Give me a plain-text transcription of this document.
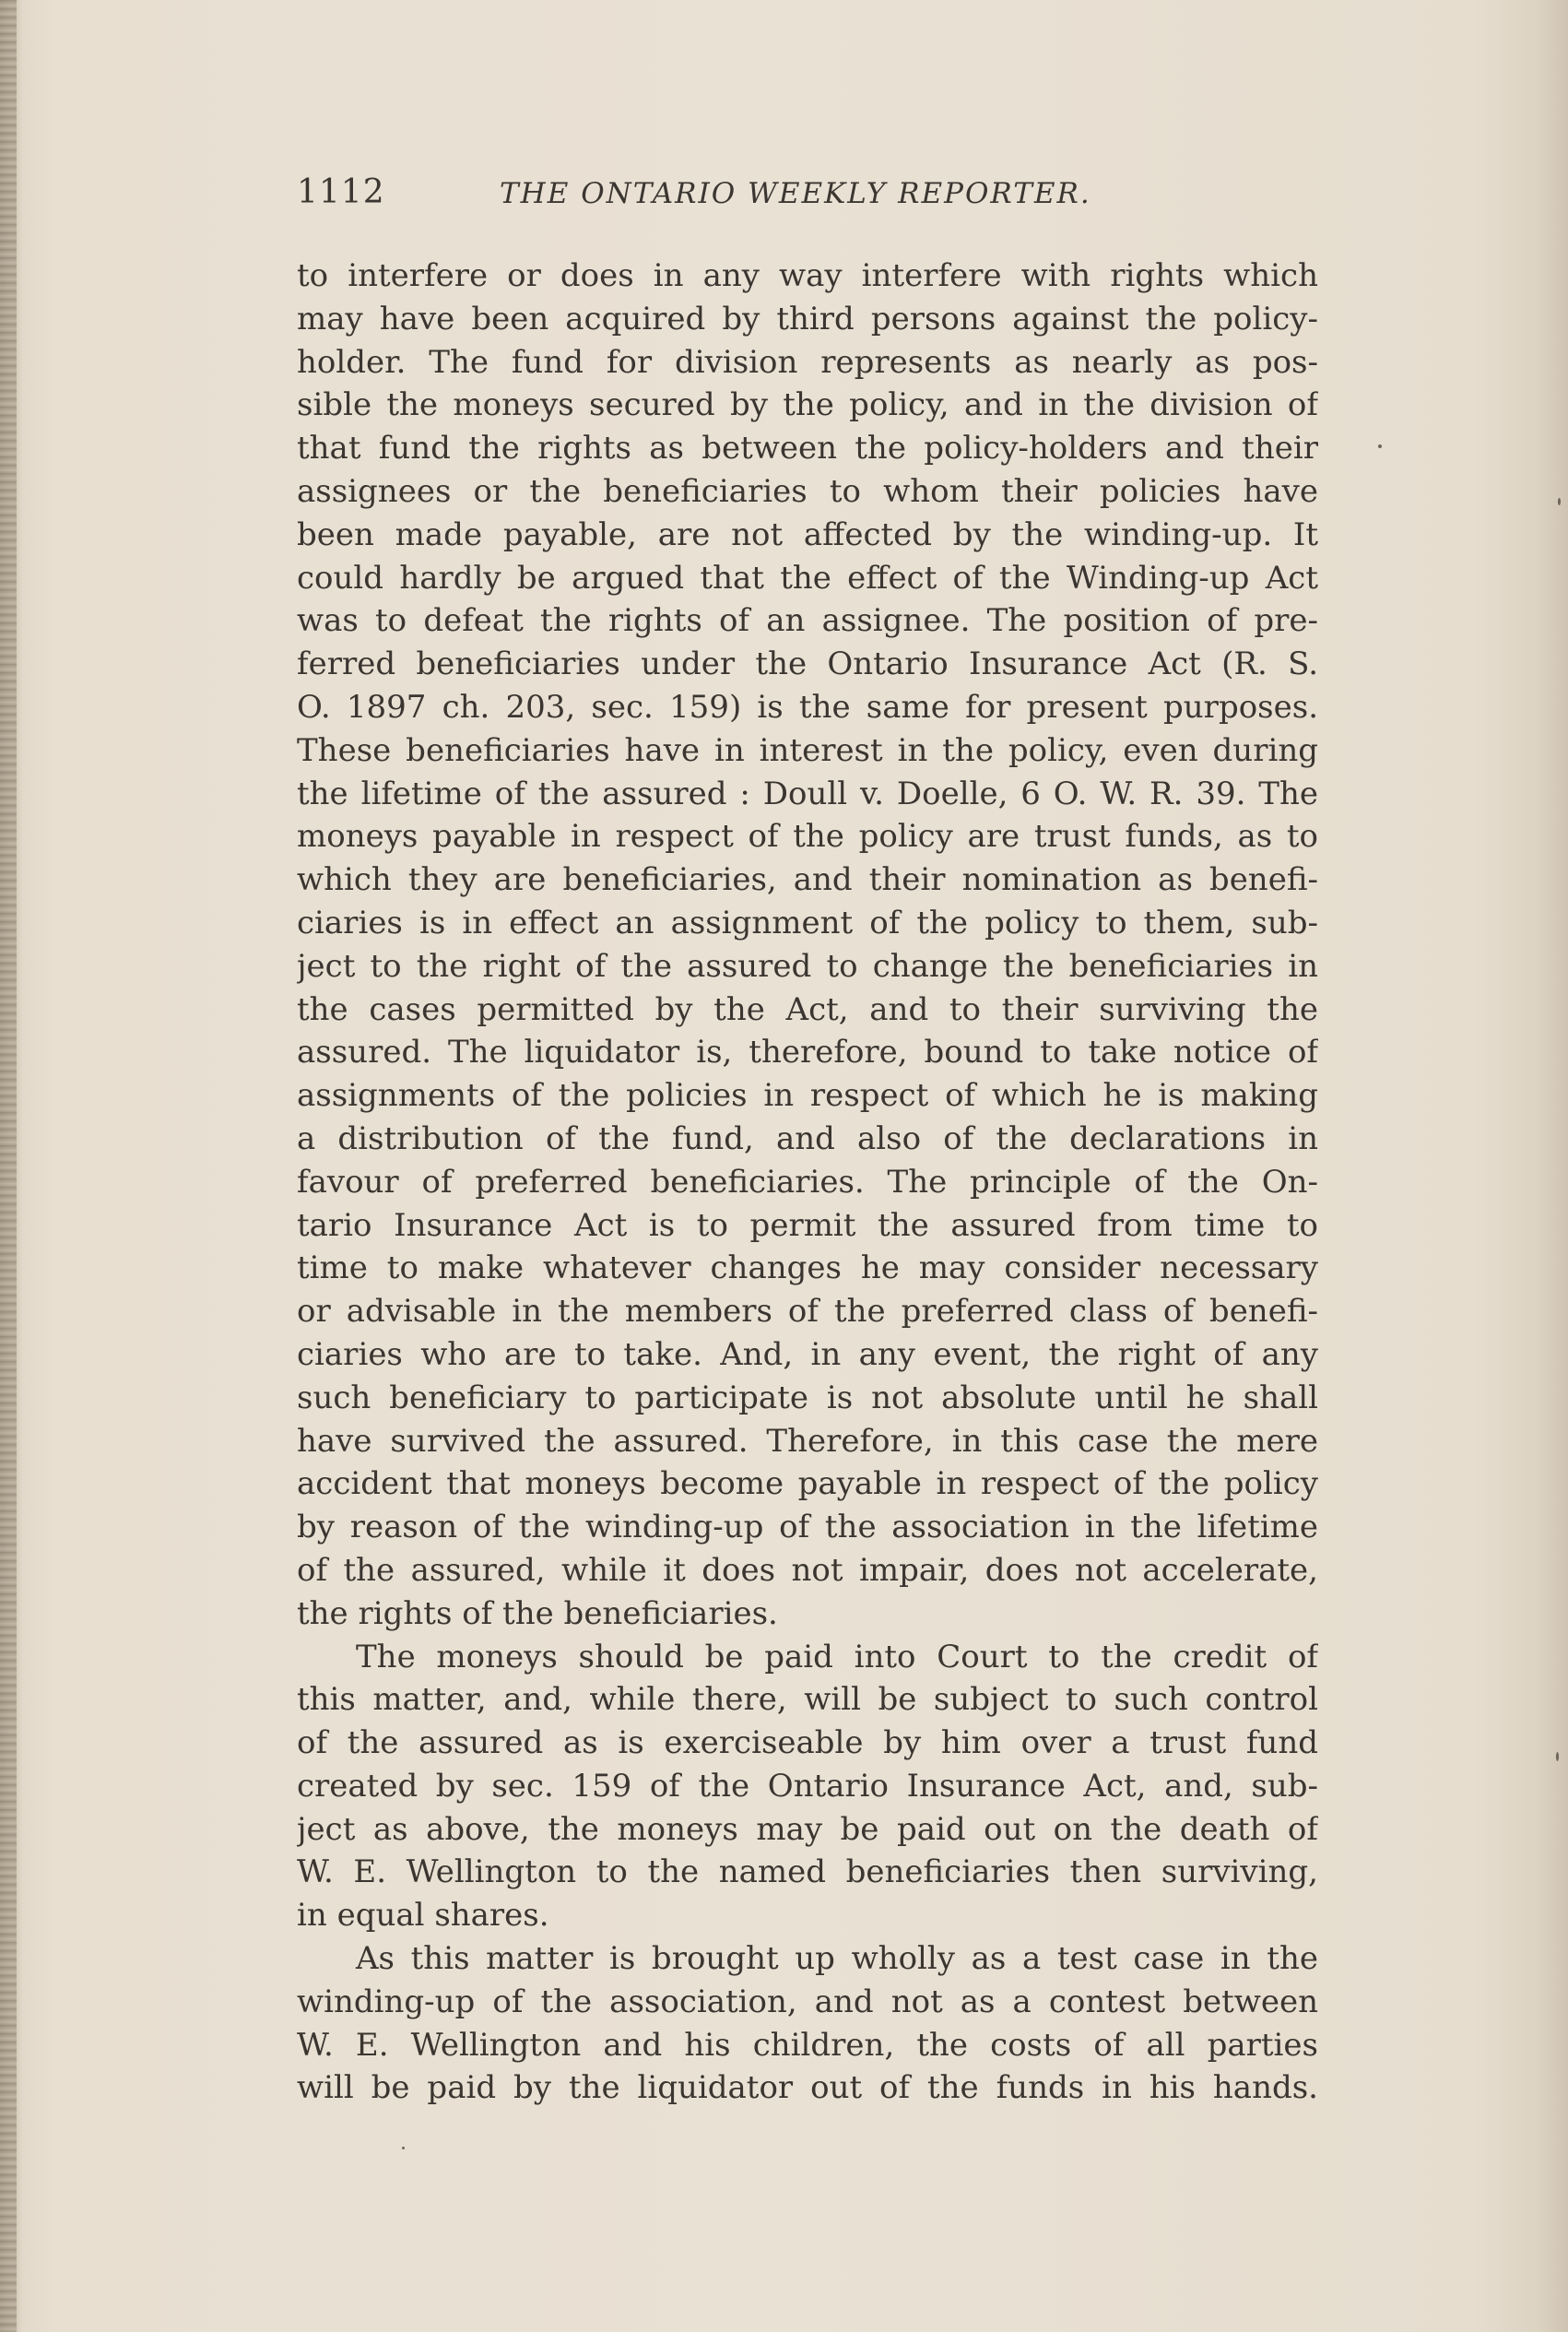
1112	THE ONTARIO WEEKLY REPORTER.
to interfere or does in any way interfere with rights which
may have been acquired by third persons against the policy-
holder. The fund for division represents as nearly as pos-
sible the moneys secured by the policy, and in the division of
that fund the rights as between the policy-holders and their
assignees or the beneficiaries to whom their policies have
been made payable, are not affected by the winding-up. It
could hardly be argued that the effect of the Winding-up Act
was to defeat the rights of an assignee. The position of pre-
ferred beneficiaries under the Ontario Insurance Act (R. S.
O. 1897 ch. 203, sec. 159) is the same for present purposes.
These beneficiaries have in interest in the policy, even during
the lifetime of the assured : Doull v. Doelle, 6 O. W. R. 39. The
moneys payable in respect of the policy are trust funds, as to
which they are beneficiaries, and their nomination as benefi-
ciaries is in effect an assignment of the policy to them, sub-
ject to the right of the assured to change the beneficiaries in
the cases permitted by the Act, and to their surviving the
assured. The liquidator is, therefore, bound to take notice of
assignments of the policies in respect of which he is making
a distribution of the fund, and also of the declarations in
favour of preferred beneficiaries. The principle of the On-
tario Insurance Act is to permit the assured from time to
time to make whatever changes he may consider necessary
or advisable in the members of the preferred class of benefi-
ciaries who are to take. And, in any event, the right of any
such beneficiary to participate is not absolute until he shall
have survived the assured. Therefore, in this case the mere
accident that moneys become payable in respect of the policy
by reason of the winding-up of the association in the lifetime
of the assured, while it does not impair, does not accelerate,
the rights of the beneficiaries.
The moneys should be paid into Court to the credit of
this matter, and, while there, will be subject to such control
of the assured as is exerciseable by him over a trust fund
created by sec. 159 of the Ontario Insurance Act, and, sub-
ject as above, the moneys may be paid out on the death of
W. E. Wellington to the named beneficiaries then surviving,
in equal shares.
As this matter is brought up wholly as a test case in the
winding-up of the association, and not as a contest between
W. E. Wellington and his children, the costs of all parties
will be paid by the liquidator out of the funds in his hands.
